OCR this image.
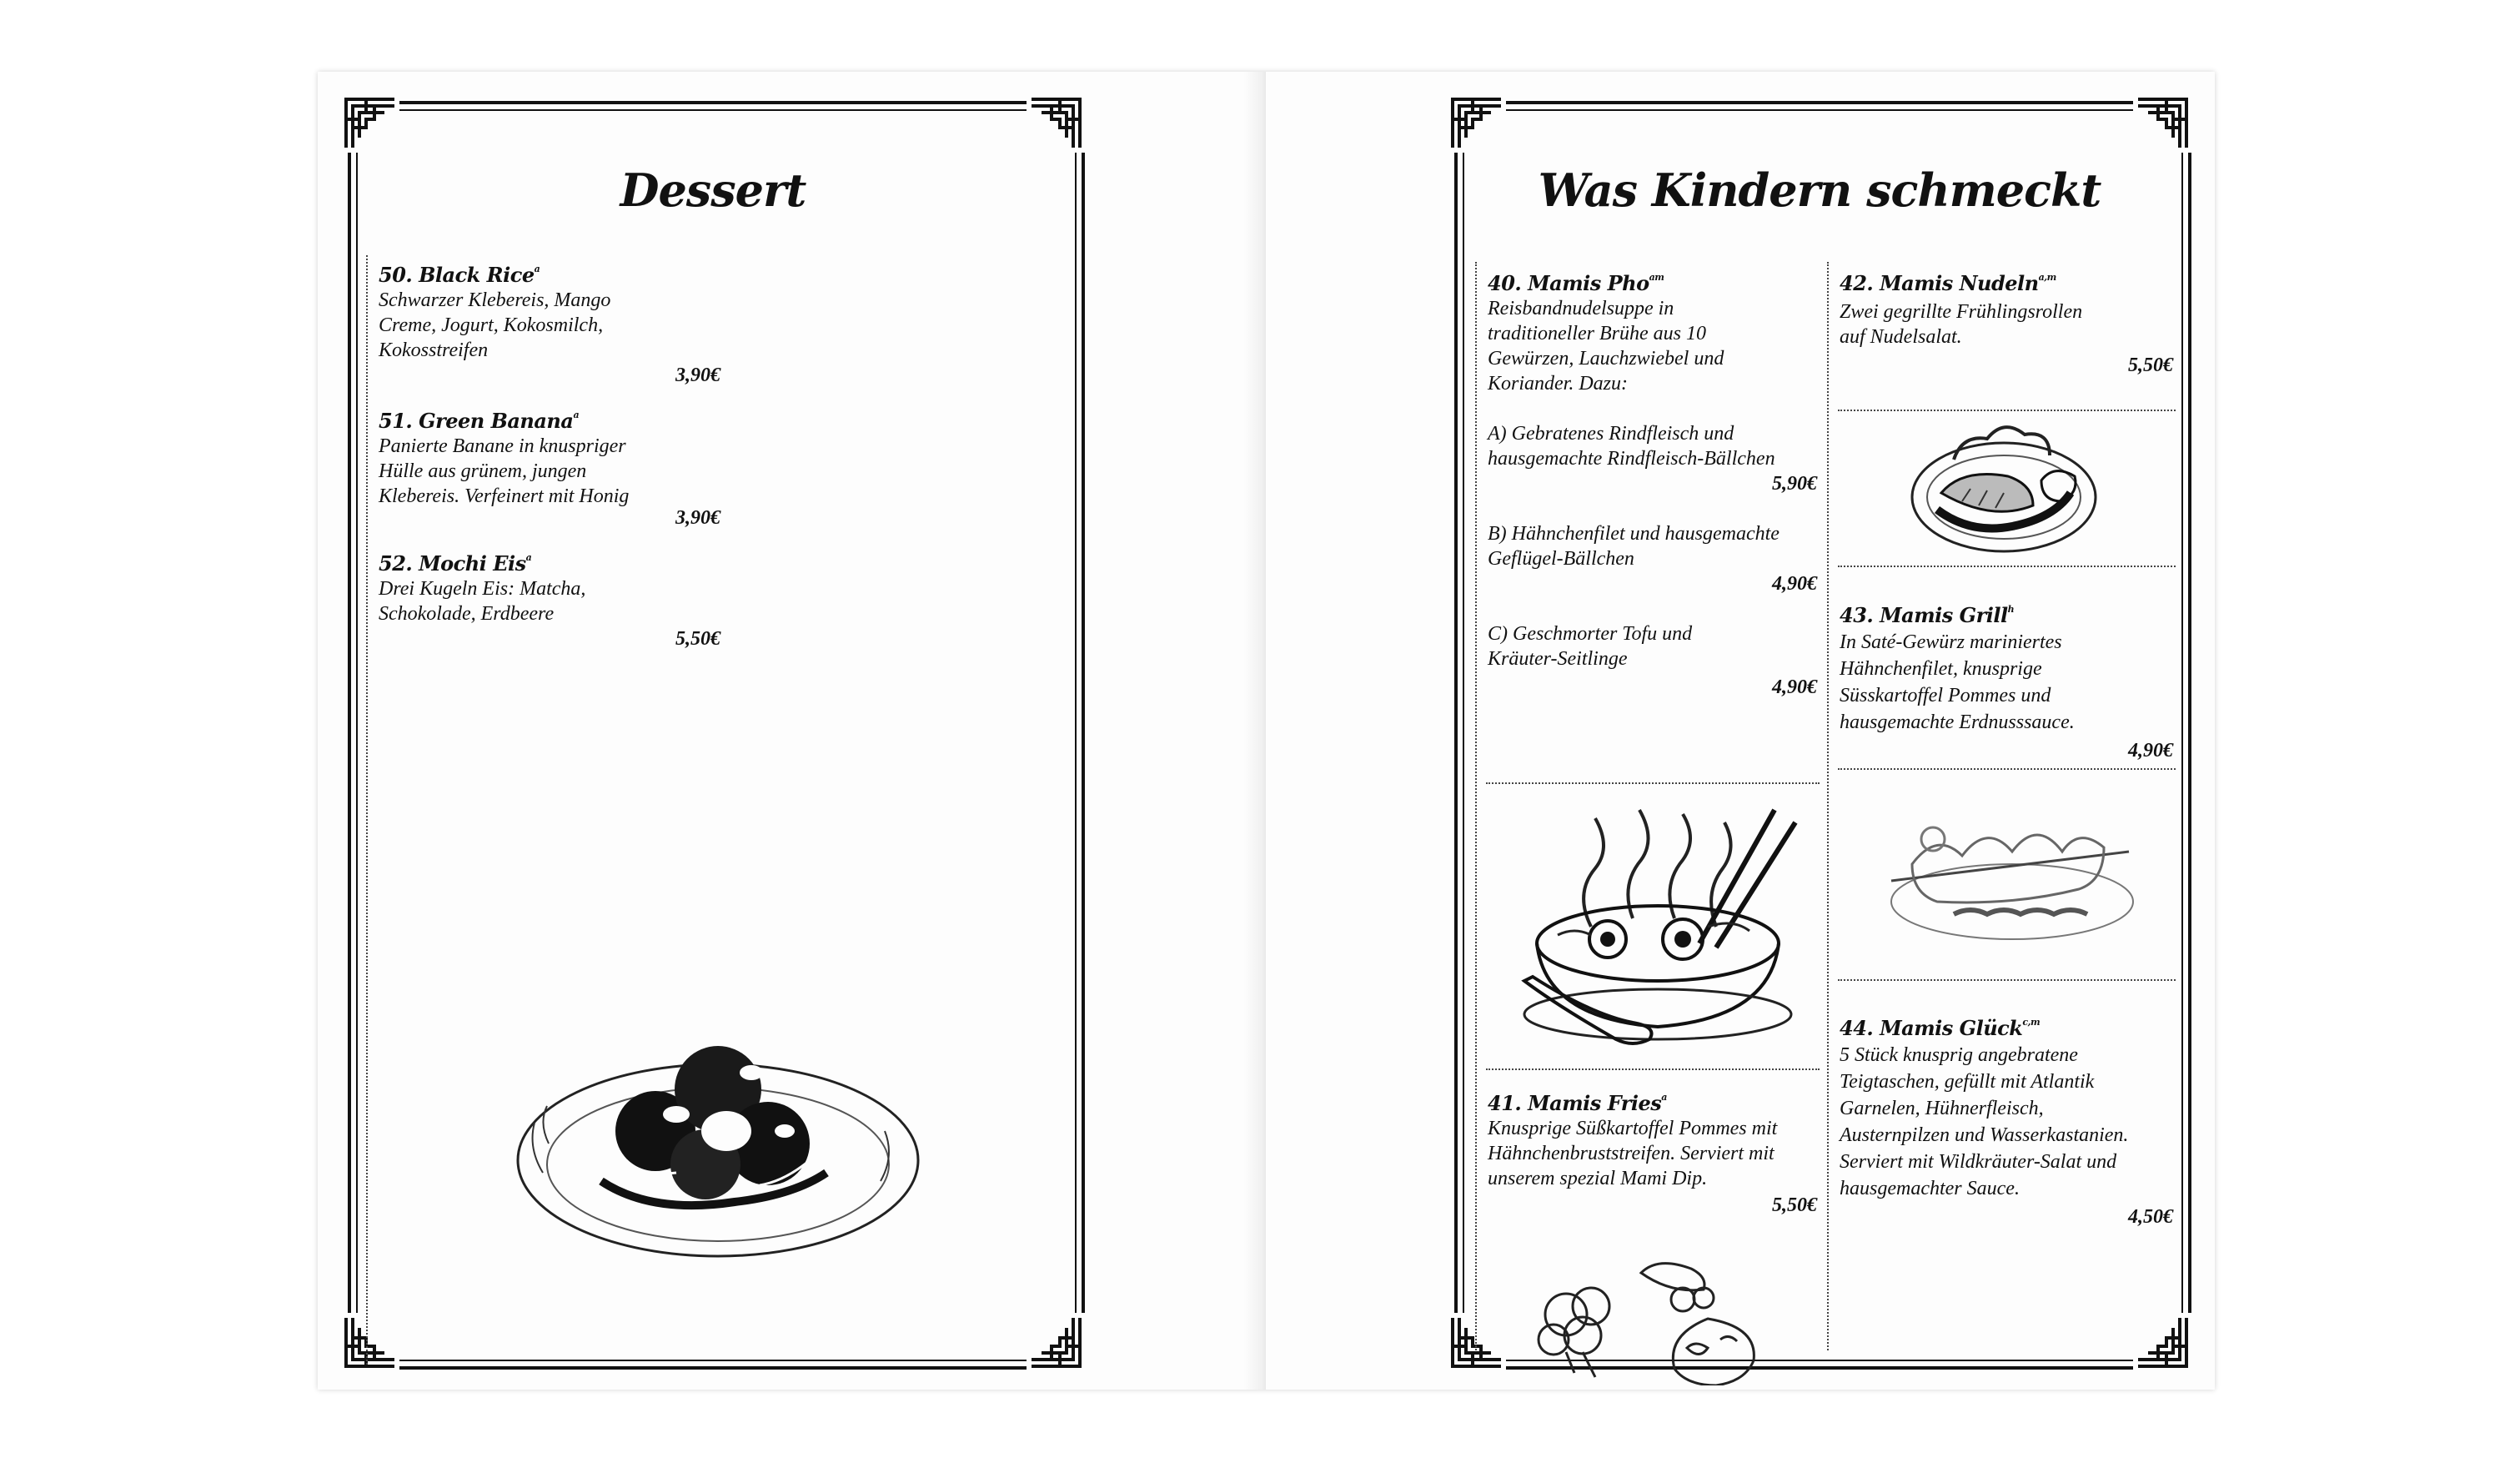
Dessert
50. Black Rice$^a$
Schwarzer Klebereis, Mango
Creme, Jogurt, Kokosmilch,
Kokosstreifen
3,90€
51. Green Banana$^a$
Panierte Banane in knuspriger
Hülle aus grünem, jungen
Klebereis. Verfeinert mit Honig
3,90€
52. Mochi Eis$^a$
Drei Kugeln Eis: Matcha,
Schokolade, Erdbeere
5,50€
Was Kindern schmeckt
40. Mamis Pho$^{am}$
Reisbandnudelsuppe in
traditioneller Brühe aus 10
Gewürzen, Lauchzwiebel und
Koriander. Dazu:
A) Gebratenes Rindfleisch und
hausgemachte Rindfleisch-Bällchen
5,90€
B) Hähnchenfilet und hausgemachte
Geflügel-Bällchen
4,90€
C) Geschmorter Tofu und
Kräuter-Seitlinge
4,90€
41. Mamis Fries$^a$
Knusprige Süßkartoffel Pommes mit
Hähnchenbruststreifen. Serviert mit
unserem spezial Mami Dip.
5,50€
42. Mamis Nudeln$^{a,m}$
Zwei gegrillte Frühlingsrollen
auf Nudelsalat.
5,50€
43. Mamis Grill$^h$
In Saté-Gewürz mariniertes
Hähnchenfilet, knusprige
Süsskartoffel Pommes und
hausgemachte Erdnusssauce.
4,90€
44. Mamis Glück$^{c,m}$
5 Stück knusprig angebratene
Teigtaschen, gefüllt mit Atlantik
Garnelen, Hühnerfleisch,
Austernpilzen und Wasserkastanien.
Serviert mit Wildkräuter-Salat und
hausgemachter Sauce.
4,50€
